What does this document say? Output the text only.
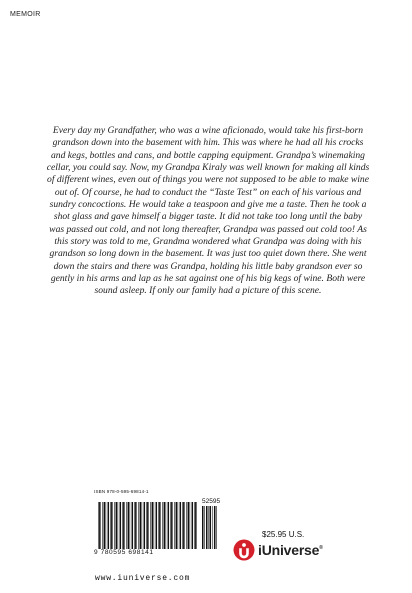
MEMOIR

Every day my Grandfather, who was a wine aficionado, would take his first-born grandson down into the basement with him. This was where he had all his crocks and kegs, bottles and cans, and bottle capping equipment. Grandpa’s winemaking cellar, you could say. Now, my Grandpa Kiraly was well known for making all kinds of different wines, even out of things you were not supposed to be able to make wine out of. Of course, he had to conduct the “Taste Test” on each of his various and sundry concoctions. He would take a teaspoon and give me a taste. Then he took a shot glass and gave himself a bigger taste. It did not take too long until the baby was passed out cold, and not long thereafter, Grandpa was passed out cold too! As this story was told to me, Grandma wondered what Grandpa was doing with his grandson so long down in the basement. It was just too quiet down there. She went down the stairs and there was Grandpa, holding his little baby grandson ever so gently in his arms and lap as he sat against one of his big kegs of wine. Both were sound asleep. If only our family had a picture of this scene.

ISBN 978-0-595-69814-1
52595
9 780595 698141
www.iuniverse.com
$25.95 U.S.
iUniverse®
